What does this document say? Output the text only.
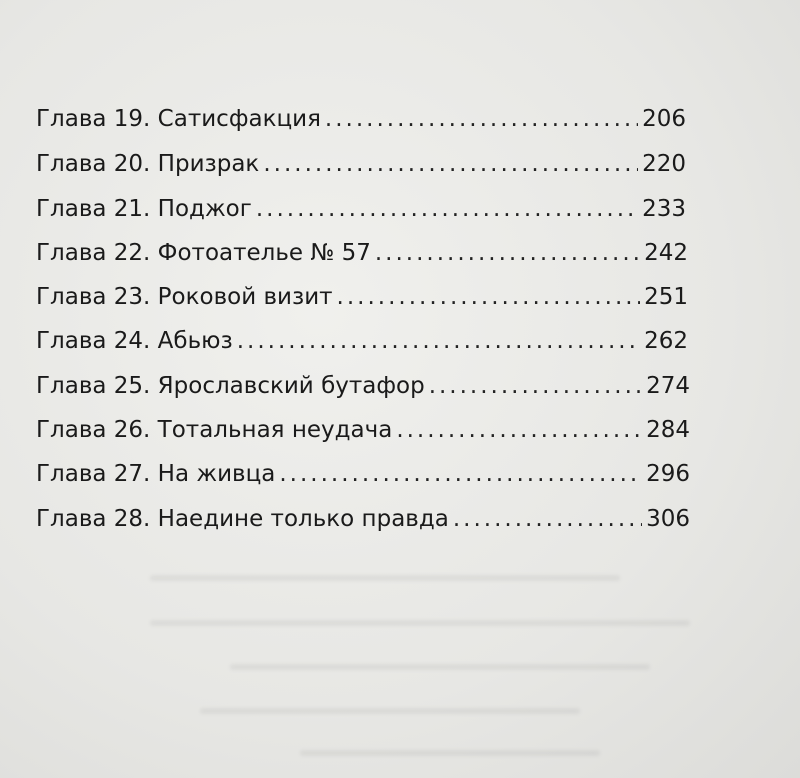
Глава 19. Сатисфакция .....	206
Глава 20. Призрак .....	220
Глава 21. Поджог .....	233
Глава 22. Фотоателье № 57 .....	242
Глава 23. Роковой визит .....	251
Глава 24. Абьюз .....	262
Глава 25. Ярославский бутафор .....	274
Глава 26. Тотальная неудача .....	284
Глава 27. На живца .....	296
Глава 28. Наедине только правда .....	306
